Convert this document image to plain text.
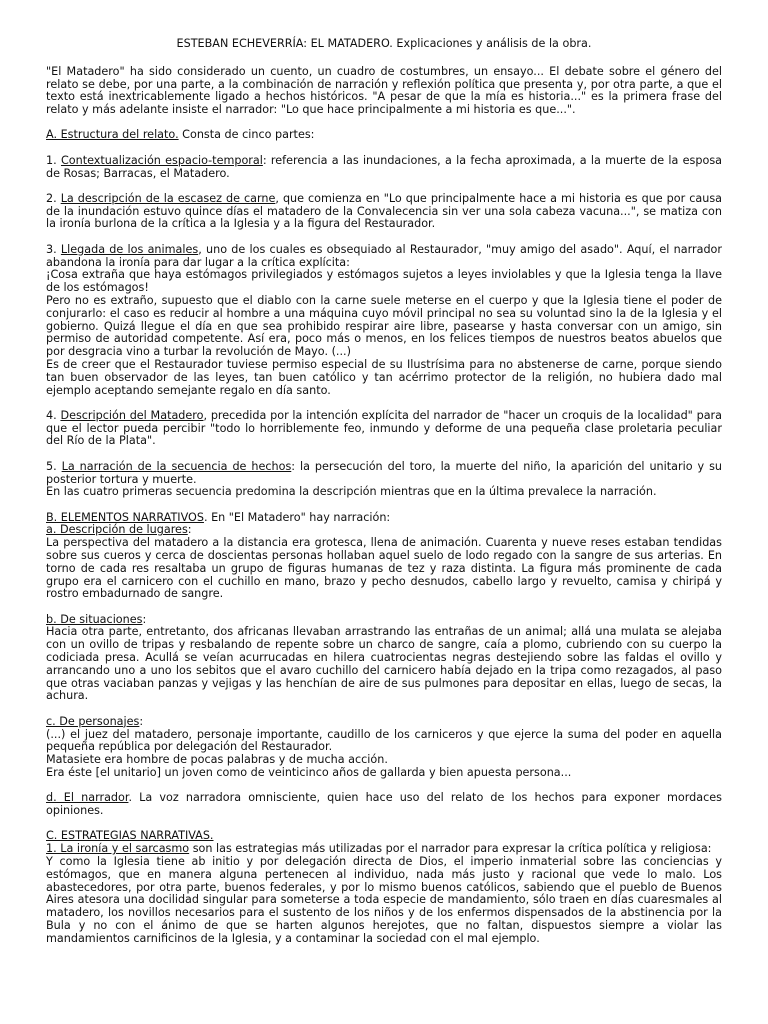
ESTEBAN ECHEVERRÍA: EL MATADERO. Explicaciones y análisis de la obra.

"El Matadero" ha sido considerado un cuento, un cuadro de costumbres, un ensayo... El debate sobre el género del relato se debe, por una parte, a la combinación de narración y reflexión política que presenta y, por otra parte, a que el texto está inextricablemente ligado a hechos históricos. "A pesar de que la mía es historia..." es la primera frase del relato y más adelante insiste el narrador: "Lo que hace principalmente a mi historia es que...".

A. Estructura del relato. Consta de cinco partes:

1. Contextualización espacio-temporal: referencia a las inundaciones, a la fecha aproximada, a la muerte de la esposa de Rosas; Barracas, el Matadero.

2. La descripción de la escasez de carne, que comienza en "Lo que principalmente hace a mi historia es que por causa de la inundación estuvo quince días el matadero de la Convalecencia sin ver una sola cabeza vacuna...", se matiza con la ironía burlona de la crítica a la Iglesia y a la figura del Restaurador.

3. Llegada de los animales, uno de los cuales es obsequiado al Restaurador, "muy amigo del asado". Aquí, el narrador abandona la ironía para dar lugar a la crítica explícita:
¡Cosa extraña que haya estómagos privilegiados y estómagos sujetos a leyes inviolables y que la Iglesia tenga la llave de los estómagos!
Pero no es extraño, supuesto que el diablo con la carne suele meterse en el cuerpo y que la Iglesia tiene el poder de conjurarlo: el caso es reducir al hombre a una máquina cuyo móvil principal no sea su voluntad sino la de la Iglesia y el gobierno. Quizá llegue el día en que sea prohibido respirar aire libre, pasearse y hasta conversar con un amigo, sin permiso de autoridad competente. Así era, poco más o menos, en los felices tiempos de nuestros beatos abuelos que por desgracia vino a turbar la revolución de Mayo. (...)
Es de creer que el Restaurador tuviese permiso especial de su Ilustrísima para no abstenerse de carne, porque siendo tan buen observador de las leyes, tan buen católico y tan acérrimo protector de la religión, no hubiera dado mal ejemplo aceptando semejante regalo en día santo.

4. Descripción del Matadero, precedida por la intención explícita del narrador de "hacer un croquis de la localidad" para que el lector pueda percibir "todo lo horriblemente feo, inmundo y deforme de una pequeña clase proletaria peculiar del Río de la Plata".

5. La narración de la secuencia de hechos: la persecución del toro, la muerte del niño, la aparición del unitario y su posterior tortura y muerte.
En las cuatro primeras secuencia predomina la descripción mientras que en la última prevalece la narración.
B. ELEMENTOS NARRATIVOS. En "El Matadero" hay narración:
a. Descripción de lugares:
La perspectiva del matadero a la distancia era grotesca, llena de animación. Cuarenta y nueve reses estaban tendidas sobre sus cueros y cerca de doscientas personas hollaban aquel suelo de lodo regado con la sangre de sus arterias. En torno de cada res resaltaba un grupo de figuras humanas de tez y raza distinta. La figura más prominente de cada grupo era el carnicero con el cuchillo en mano, brazo y pecho desnudos, cabello largo y revuelto, camisa y chiripá y rostro embadurnado de sangre.
b. De situaciones:
Hacia otra parte, entretanto, dos africanas llevaban arrastrando las entrañas de un animal; allá una mulata se alejaba con un ovillo de tripas y resbalando de repente sobre un charco de sangre, caía a plomo, cubriendo con su cuerpo la codiciada presa. Acullá se veían acurrucadas en hilera cuatrocientas negras destejiendo sobre las faldas el ovillo y arrancando uno a uno los sebitos que el avaro cuchillo del carnicero había dejado en la tripa como rezagados, al paso que otras vaciaban panzas y vejigas y las henchían de aire de sus pulmones para depositar en ellas, luego de secas, la achura.
c. De personajes:
(...) el juez del matadero, personaje importante, caudillo de los carniceros y que ejerce la suma del poder en aquella pequeña república por delegación del Restaurador.
Matasiete era hombre de pocas palabras y de mucha acción.
Era éste [el unitario] un joven como de veinticinco años de gallarda y bien apuesta persona...

d. El narrador. La voz narradora omnisciente, quien hace uso del relato de los hechos para exponer mordaces opiniones.

C. ESTRATEGIAS NARRATIVAS.
1. La ironía y el sarcasmo son las estrategias más utilizadas por el narrador para expresar la crítica política y religiosa:
Y como la Iglesia tiene ab initio y por delegación directa de Dios, el imperio inmaterial sobre las conciencias y estómagos, que en manera alguna pertenecen al individuo, nada más justo y racional que vede lo malo. Los abastecedores, por otra parte, buenos federales, y por lo mismo buenos católicos, sabiendo que el pueblo de Buenos Aires atesora una docilidad singular para someterse a toda especie de mandamiento, sólo traen en días cuaresmales al matadero, los novillos necesarios para el sustento de los niños y de los enfermos dispensados de la abstinencia por la Bula y no con el ánimo de que se harten algunos herejotes, que no faltan, dispuestos siempre a violar las mandamientos carnificinos de la Iglesia, y a contaminar la sociedad con el mal ejemplo.
